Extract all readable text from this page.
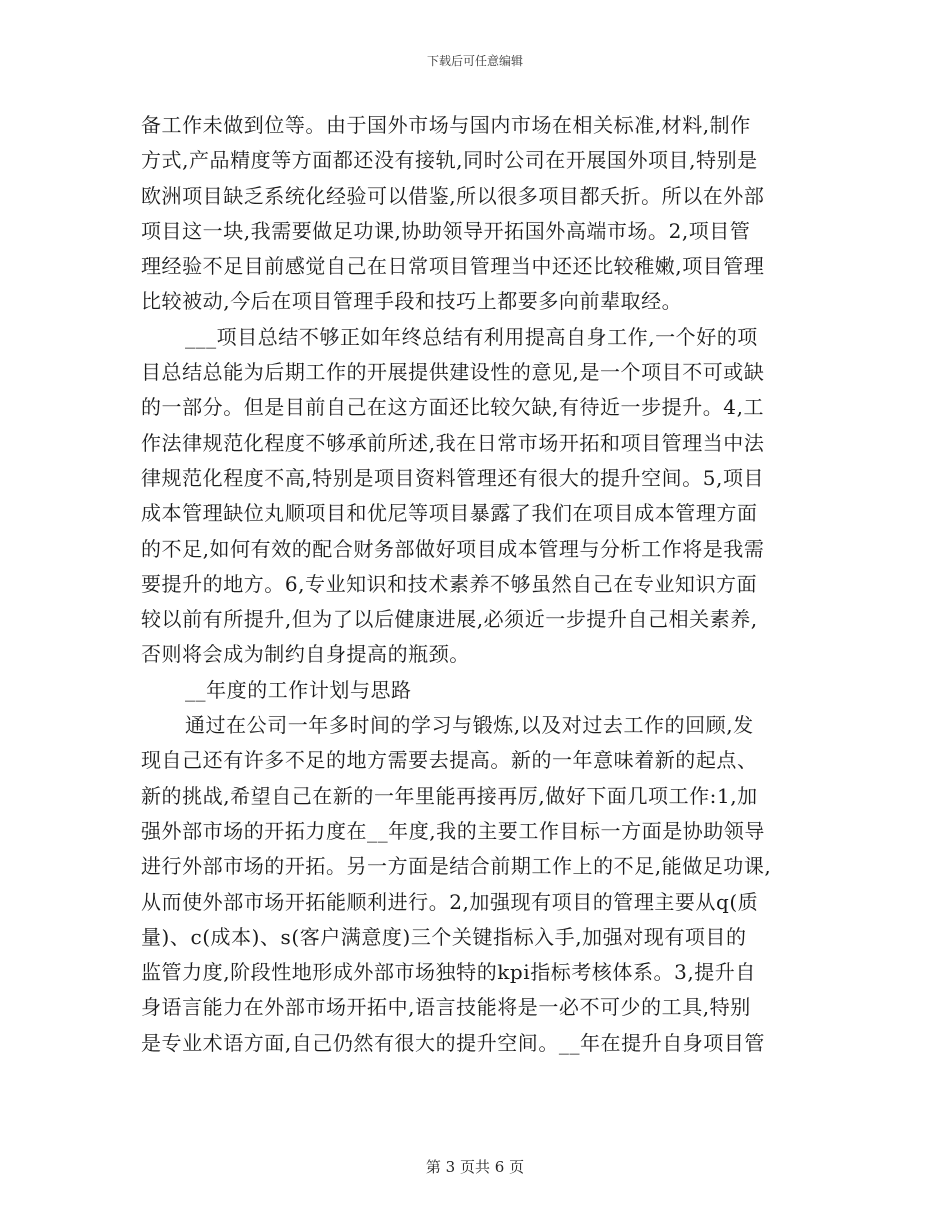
下载后可任意编辑
备工作未做到位等。由于国外市场与国内市场在相关标准,材料,制作
方式,产品精度等方面都还没有接轨,同时公司在开展国外项目,特别是
欧洲项目缺乏系统化经验可以借鉴,所以很多项目都夭折。所以在外部
项目这一块,我需要做足功课,协助领导开拓国外高端市场。2,项目管
理经验不足目前感觉自己在日常项目管理当中还还比较稚嫩,项目管理
比较被动,今后在项目管理手段和技巧上都要多向前辈取经。
___项目总结不够正如年终总结有利用提高自身工作,一个好的项
目总结总能为后期工作的开展提供建设性的意见,是一个项目不可或缺
的一部分。但是目前自己在这方面还比较欠缺,有待近一步提升。4,工
作法律规范化程度不够承前所述,我在日常市场开拓和项目管理当中法
律规范化程度不高,特别是项目资料管理还有很大的提升空间。5,项目
成本管理缺位丸顺项目和优尼等项目暴露了我们在项目成本管理方面
的不足,如何有效的配合财务部做好项目成本管理与分析工作将是我需
要提升的地方。6,专业知识和技术素养不够虽然自己在专业知识方面
较以前有所提升,但为了以后健康进展,必须近一步提升自己相关素养,
否则将会成为制约自身提高的瓶颈。
__年度的工作计划与思路
通过在公司一年多时间的学习与锻炼,以及对过去工作的回顾,发
现自己还有许多不足的地方需要去提高。新的一年意味着新的起点、
新的挑战,希望自己在新的一年里能再接再厉,做好下面几项工作:1,加
强外部市场的开拓力度在__年度,我的主要工作目标一方面是协助领导
进行外部市场的开拓。另一方面是结合前期工作上的不足,能做足功课,
从而使外部市场开拓能顺利进行。2,加强现有项目的管理主要从q(质
量)、c(成本)、s(客户满意度)三个关键指标入手,加强对现有项目的
监管力度,阶段性地形成外部市场独特的kpi指标考核体系。3,提升自
身语言能力在外部市场开拓中,语言技能将是一必不可少的工具,特别
是专业术语方面,自己仍然有很大的提升空间。__年在提升自身项目管
第 3 页共 6 页
